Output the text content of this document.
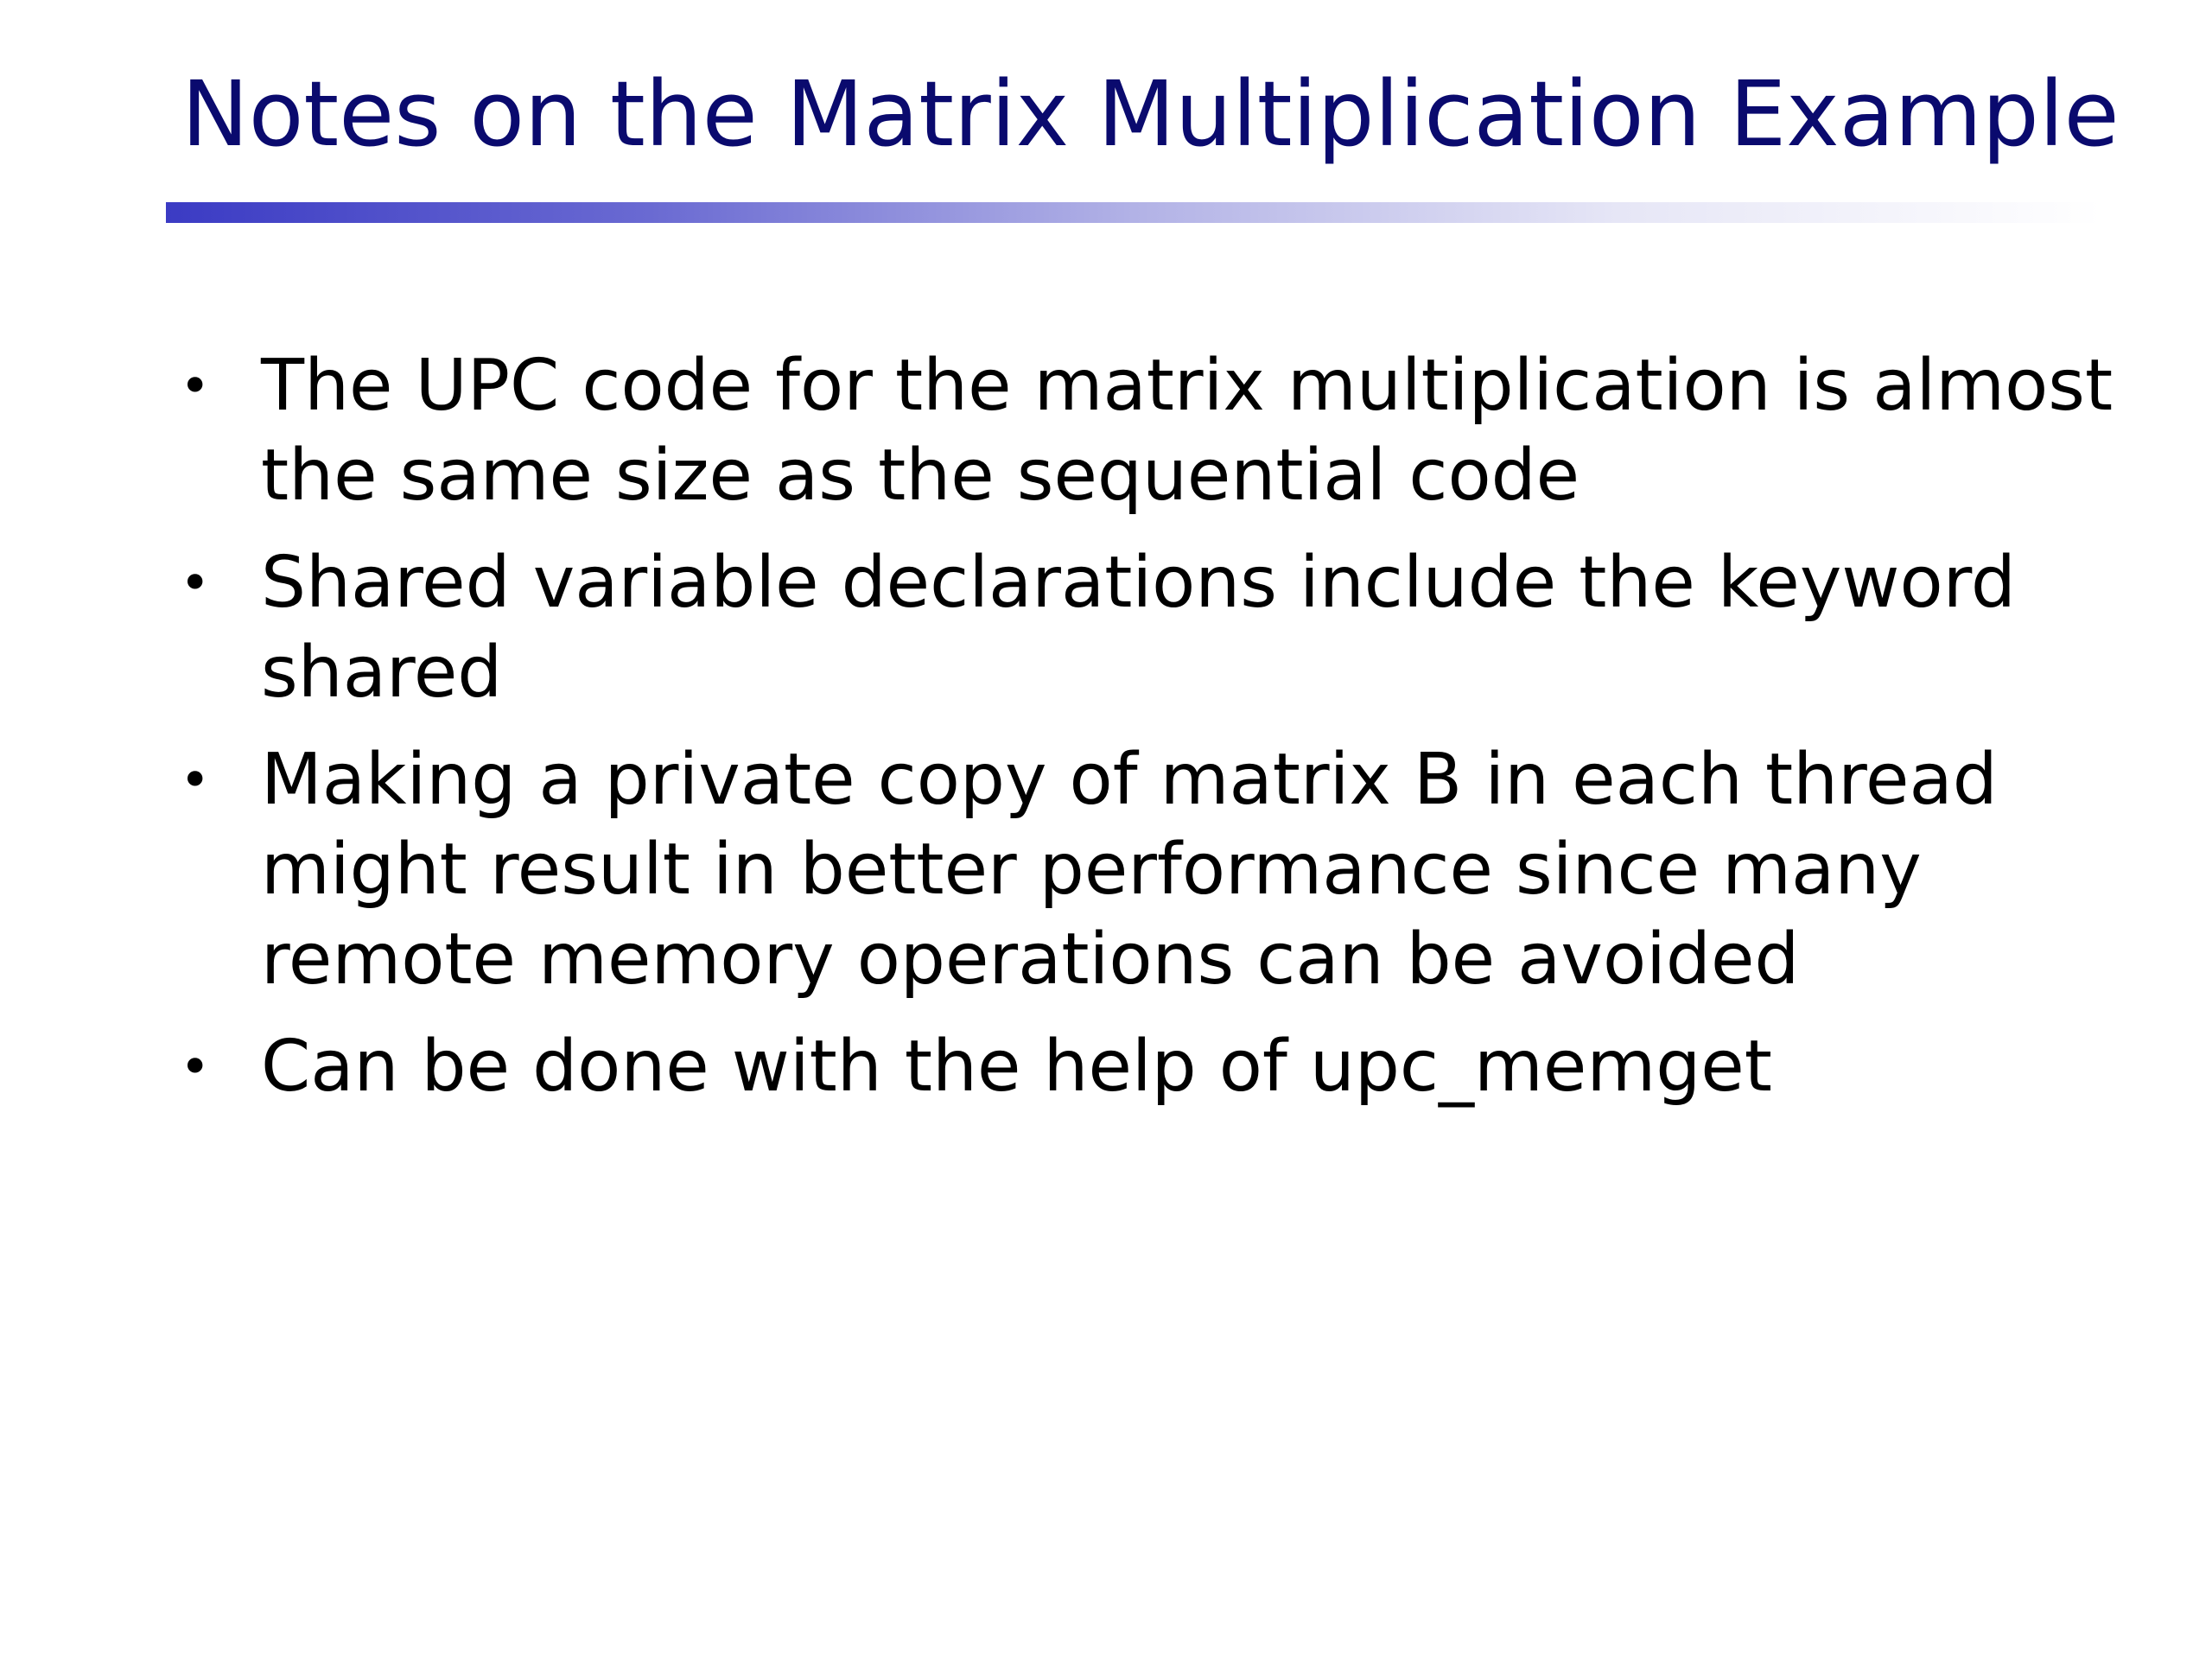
Notes on the Matrix Multiplication Example
• The UPC code for the matrix multiplication is almost the same size as the sequential code
• Shared variable declarations include the keyword shared
• Making a private copy of matrix B in each thread might result in better performance since many remote memory operations can be avoided
• Can be done with the help of upc_memget
